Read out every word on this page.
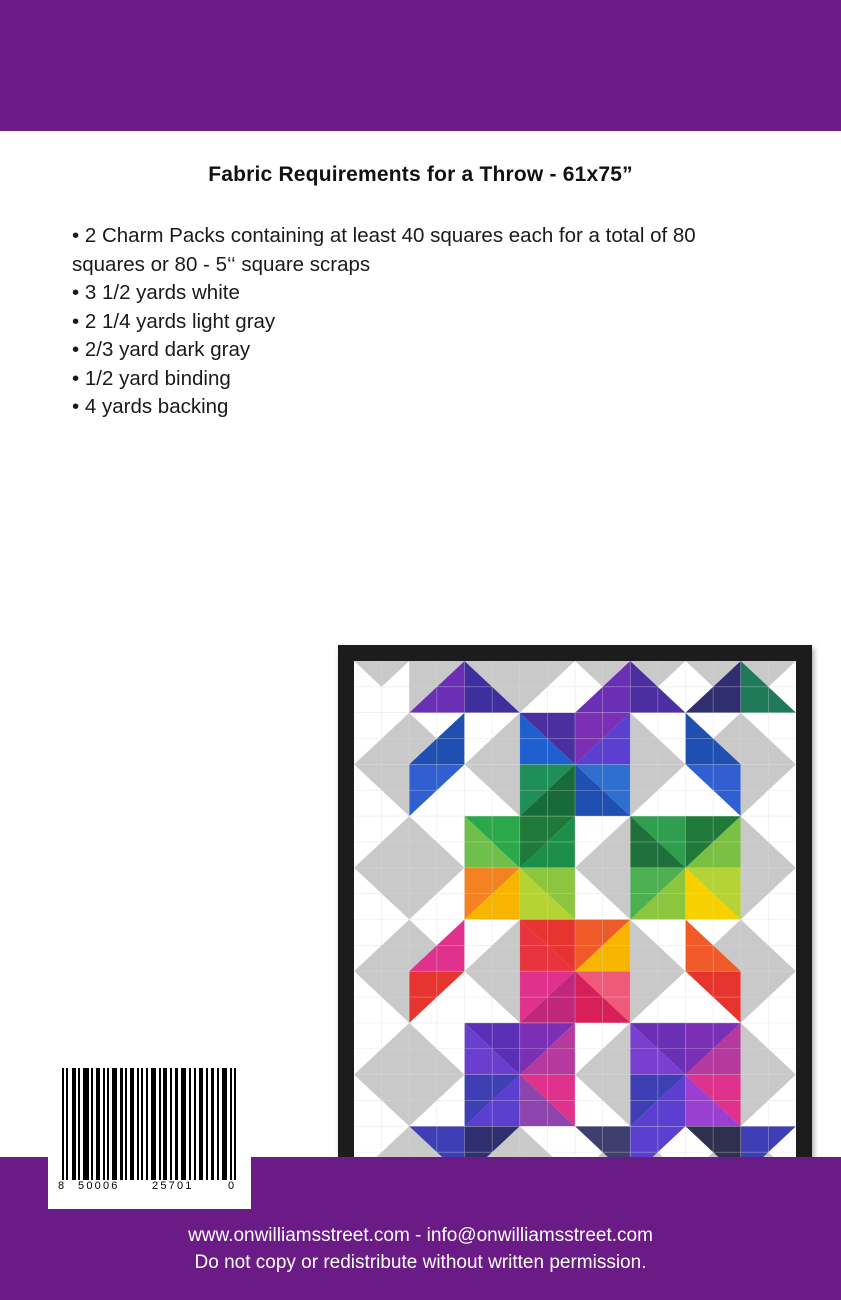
Fabric Requirements for a Throw - 61x75”
• 2 Charm Packs containing at least 40 squares each for a total of 80 squares or 80 - 5‘‘ square scraps
• 3 1/2 yards white
• 2 1/4 yards light gray
• 2/3 yard dark gray
• 1/2 yard binding
• 4 yards backing
8 50006	25701	0
www.onwilliamsstreet.com - info@onwilliamsstreet.com
Do not copy or redistribute without written permission.
